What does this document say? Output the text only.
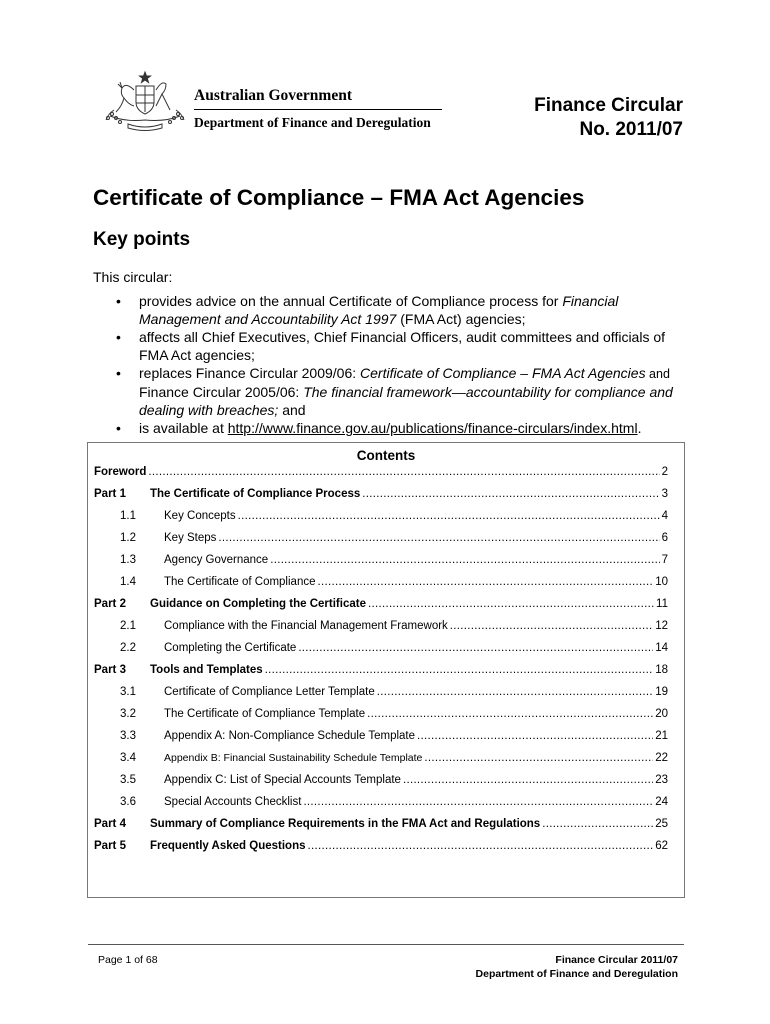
Australian Government
Department of Finance and Deregulation
Finance Circular
No. 2011/07
Certificate of Compliance – FMA Act Agencies
Key points
This circular:
• provides advice on the annual Certificate of Compliance process for Financial Management and Accountability Act 1997 (FMA Act) agencies;
• affects all Chief Executives, Chief Financial Officers, audit committees and officials of FMA Act agencies;
• replaces Finance Circular 2009/06: Certificate of Compliance – FMA Act Agencies and Finance Circular 2005/06: The financial framework—accountability for compliance and dealing with breaches; and
• is available at http://www.finance.gov.au/publications/finance-circulars/index.html.
Contents
Foreword .....	2
Part 1 The Certificate of Compliance Process .....	3
1.1 Key Concepts .....	4
1.2 Key Steps .....	6
1.3 Agency Governance .....	7
1.4 The Certificate of Compliance .....	10
Part 2 Guidance on Completing the Certificate .....	11
2.1 Compliance with the Financial Management Framework .....	12
2.2 Completing the Certificate .....	14
Part 3 Tools and Templates .....	18
3.1 Certificate of Compliance Letter Template .....	19
3.2 The Certificate of Compliance Template .....	20
3.3 Appendix A: Non-Compliance Schedule Template .....	21
3.4	Appendix B: Financial Sustainability Schedule Template .....	22
3.5 Appendix C: List of Special Accounts Template .....	23
3.6 Special Accounts Checklist .....	24
Part 4 Summary of Compliance Requirements in the FMA Act and Regulations .....	25
Part 5 Frequently Asked Questions .....	62
Page 1 of 68	Finance Circular 2011/07
Department of Finance and Deregulation
